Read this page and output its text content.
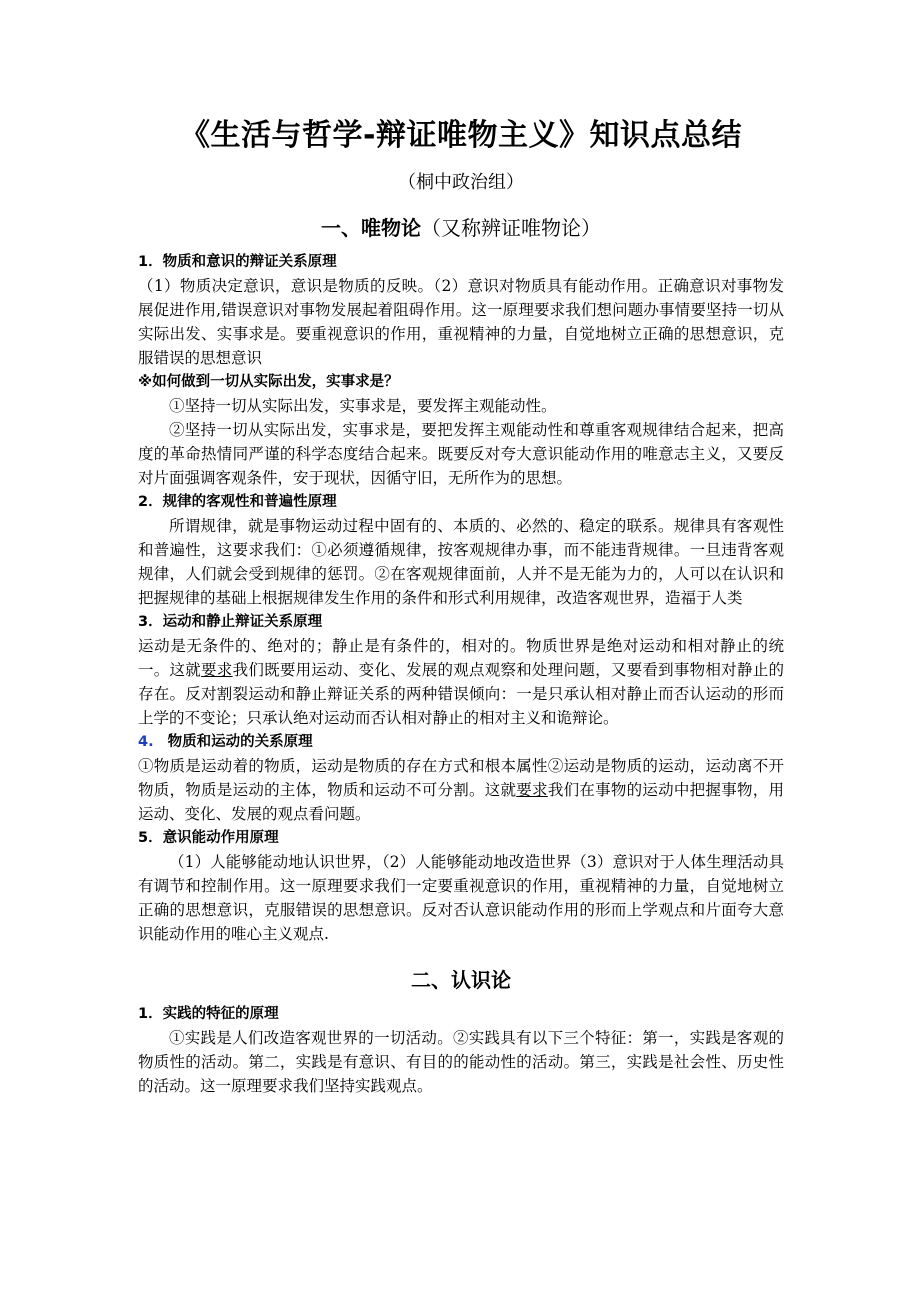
《生活与哲学-辩证唯物主义》知识点总结
（桐中政治组）
一、唯物论（又称辨证唯物论）
1．物质和意识的辩证关系原理

（1）物质决定意识，意识是物质的反映。（2）意识对物质具有能动作用。正确意识对事物发展促进作用,错误意识对事物发展起着阻碍作用。这一原理要求我们想问题办事情要坚持一切从实际出发、实事求是。要重视意识的作用，重视精神的力量，自觉地树立正确的思想意识，克服错误的思想意识

※如何做到一切从实际出发，实事求是？

①坚持一切从实际出发，实事求是，要发挥主观能动性。

②坚持一切从实际出发，实事求是，要把发挥主观能动性和尊重客观规律结合起来，把高度的革命热情同严谨的科学态度结合起来。既要反对夸大意识能动作用的唯意志主义，又要反对片面强调客观条件，安于现状，因循守旧，无所作为的思想。

2．规律的客观性和普遍性原理

所谓规律，就是事物运动过程中固有的、本质的、必然的、稳定的联系。规律具有客观性和普遍性，这要求我们：①必须遵循规律，按客观规律办事，而不能违背规律。一旦违背客观规律，人们就会受到规律的惩罚。②在客观规律面前，人并不是无能为力的，人可以在认识和把握规律的基础上根据规律发生作用的条件和形式利用规律，改造客观世界，造福于人类

3．运动和静止辩证关系原理

运动是无条件的、绝对的；静止是有条件的，相对的。物质世界是绝对运动和相对静止的统一。这就要求我们既要用运动、变化、发展的观点观察和处理问题，又要看到事物相对静止的存在。反对割裂运动和静止辩证关系的两种错误倾向：一是只承认相对静止而否认运动的形而上学的不变论；只承认绝对运动而否认相对静止的相对主义和诡辩论。

4. 物质和运动的关系原理

①物质是运动着的物质，运动是物质的存在方式和根本属性②运动是物质的运动，运动离不开物质，物质是运动的主体，物质和运动不可分割。这就要求我们在事物的运动中把握事物，用运动、变化、发展的观点看问题。

5．意识能动作用原理

（1）人能够能动地认识世界，（2）人能够能动地改造世界（3）意识对于人体生理活动具有调节和控制作用。这一原理要求我们一定要重视意识的作用，重视精神的力量，自觉地树立正确的思想意识，克服错误的思想意识。反对否认意识能动作用的形而上学观点和片面夸大意识能动作用的唯心主义观点.

二、认识论
1．实践的特征的原理

①实践是人们改造客观世界的一切活动。②实践具有以下三个特征：第一，实践是客观的物质性的活动。第二，实践是有意识、有目的的能动性的活动。第三，实践是社会性、历史性的活动。这一原理要求我们坚持实践观点。
